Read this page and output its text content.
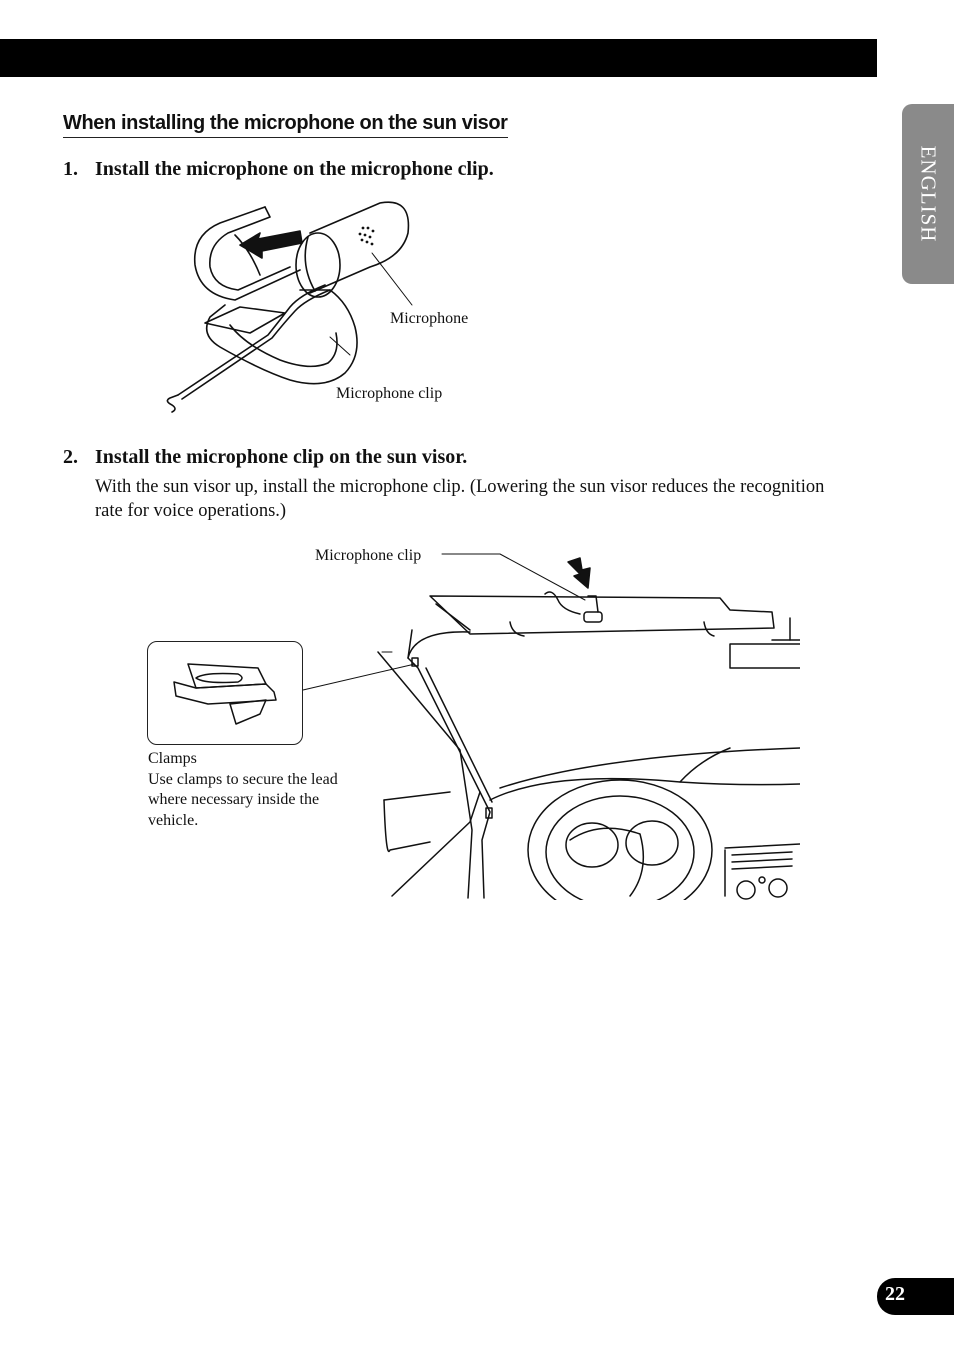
ENGLISH
When installing the microphone on the sun visor

1. Install the microphone on the microphone clip.

Microphone
Microphone clip

2. Install the microphone clip on the sun visor.

With the sun visor up, install the microphone clip. (Lowering the sun visor reduces the recognition rate for voice operations.)

Microphone clip
Clamps
Use clamps to secure the lead where necessary inside the vehicle.
22
